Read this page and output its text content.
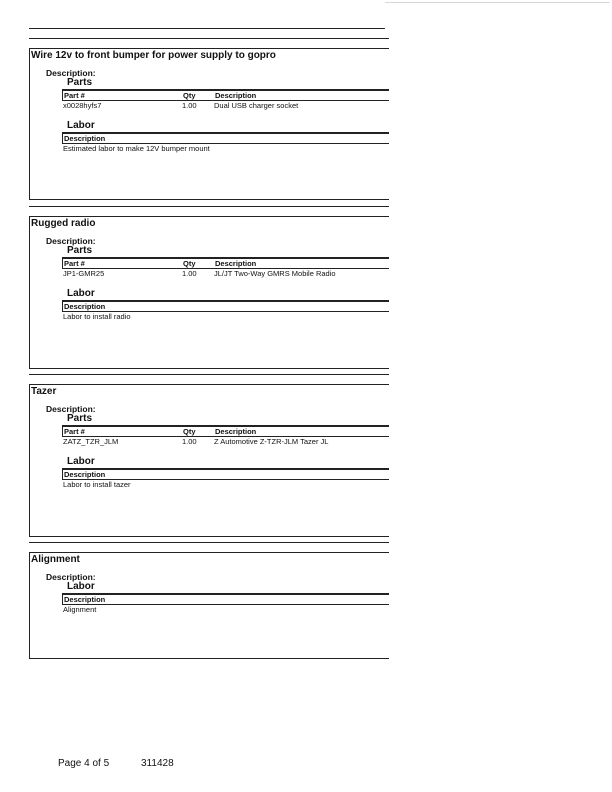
Wire 12v to front bumper for power supply to gopro
Description:
Parts
Part #	Qty	Description
x0028hyfs7	1.00 Dual USB charger socket
Labor
Description
Estimated labor to make 12V bumper mount
Rugged radio
Description:
Parts
Part #	Qty	Description
JP1-GMR25	1.00 JL/JT Two-Way GMRS Mobile Radio
Labor
Description
Labor to install radio
Tazer
Description:
Parts
Part #	Qty	Description
ZATZ_TZR_JLM	1.00 Z Automotive Z-TZR-JLM Tazer JL
Labor
Description
Labor to install tazer
Alignment
Description:
Labor
Description
Alignment
Page 4 of 5	311428
